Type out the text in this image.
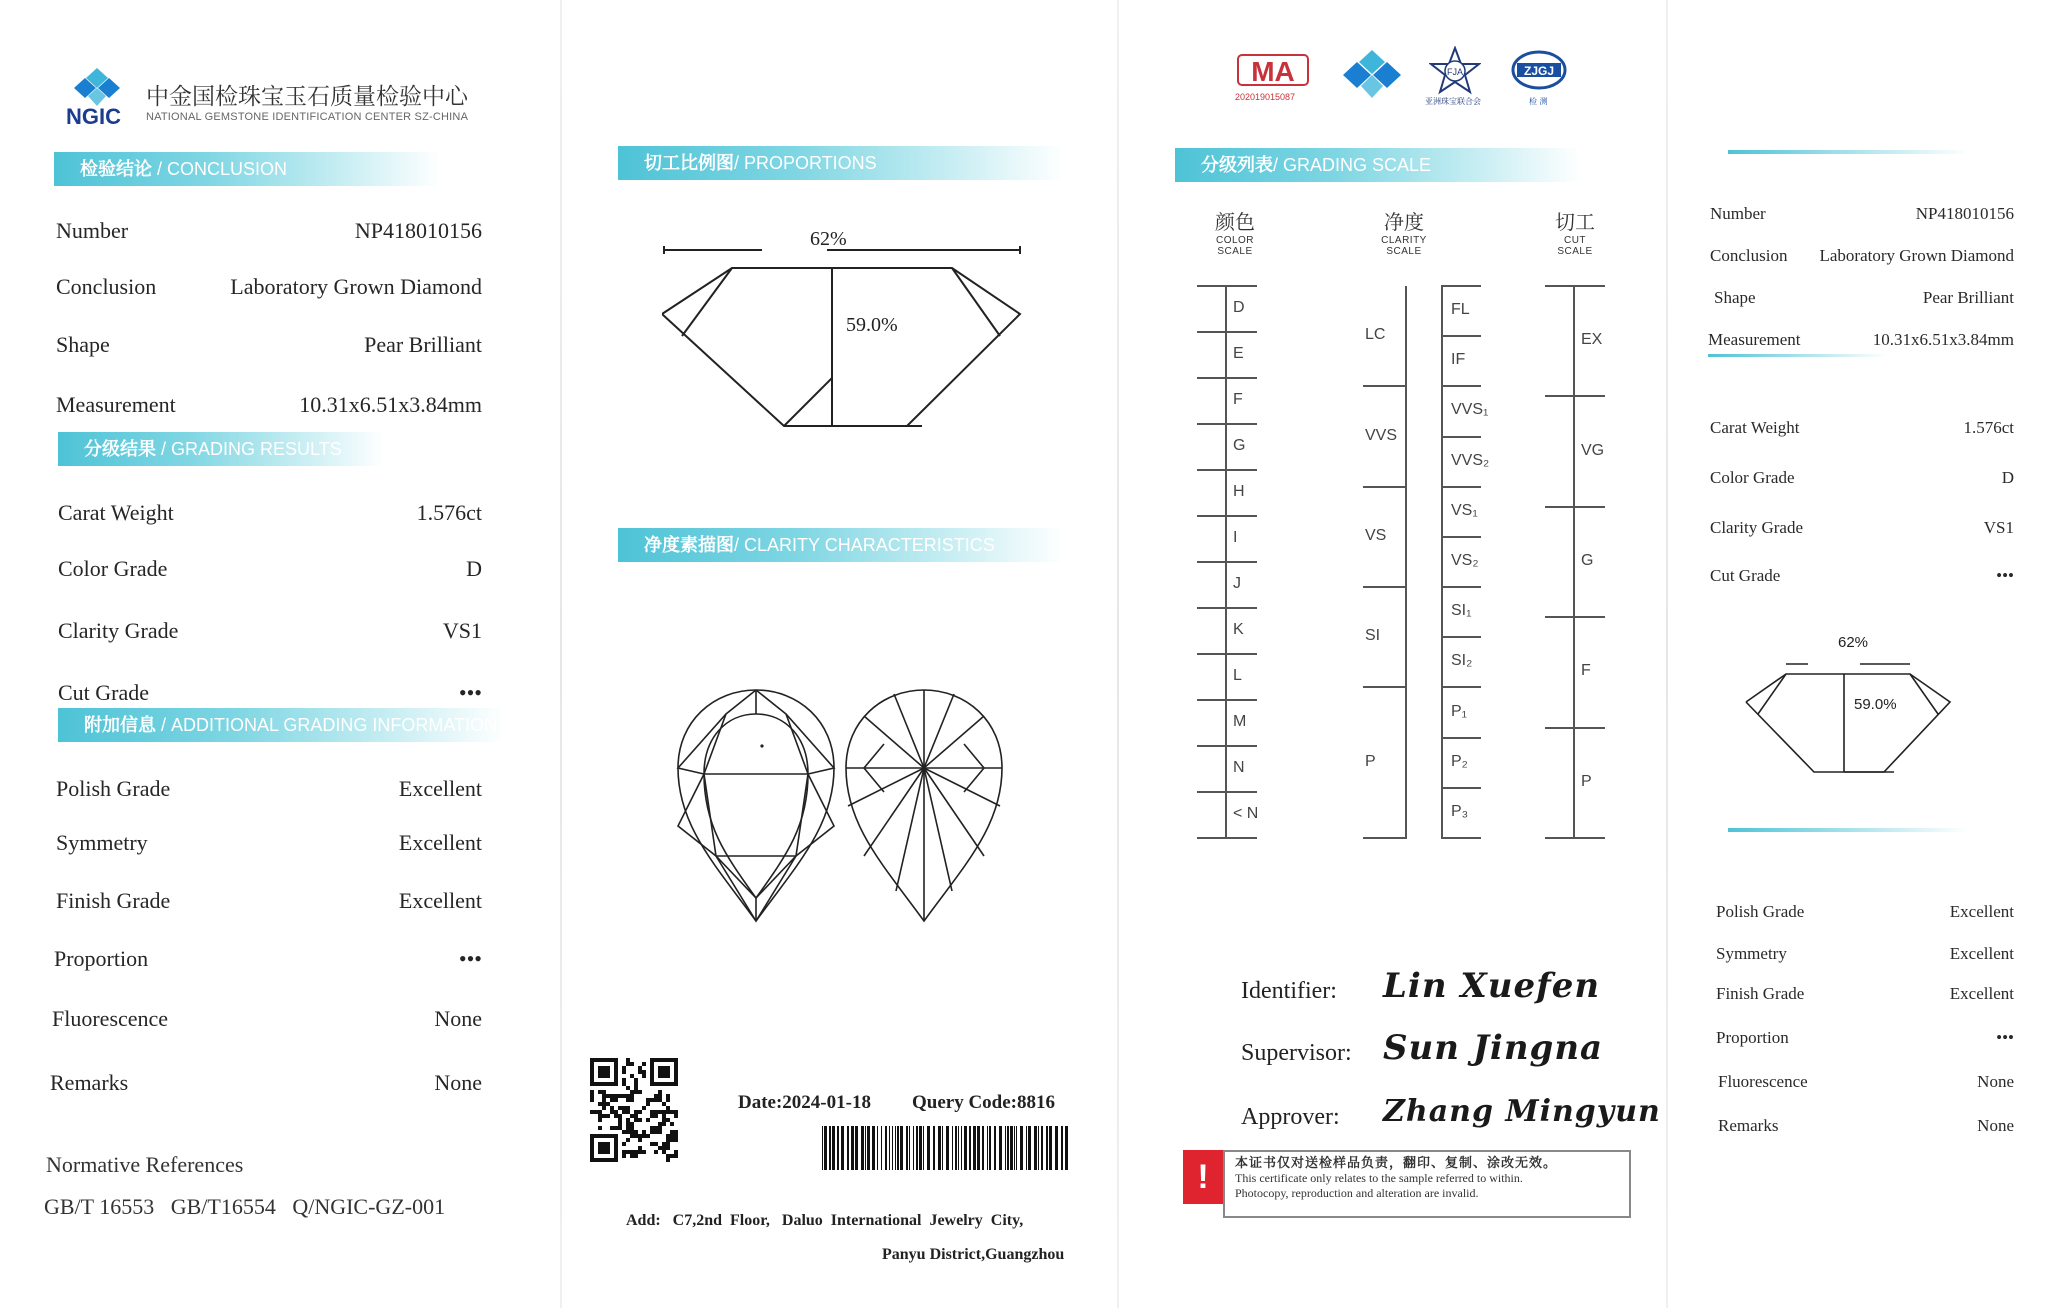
NGIC
中金国检珠宝玉石质量检验中心
NATIONAL GEMSTONE IDENTIFICATION CENTER SZ-CHINA
检验结论 / CONCLUSION
Number	NP418010156
Conclusion	Laboratory Grown Diamond
Shape	Pear Brilliant
Measurement	10.31x6.51x3.84mm
分级结果 / GRADING RESULTS
Carat Weight	1.576ct
Color Grade	D
Clarity Grade	VS1
Cut Grade	•••
附加信息 / ADDITIONAL GRADING INFORMATION
Polish Grade	Excellent
Symmetry	Excellent
Finish Grade	Excellent
Proportion	•••
Fluorescence	None
Remarks	None
Normative References
GB/T 16553   GB/T16554   Q/NGIC-GZ-001
切工比例图/ PROPORTIONS
62%
59.0%
净度素描图/ CLARITY CHARACTERISTICS
Date:2024-01-18 Query Code:8816
Add:   C7,2nd  Floor,   Daluo  International  Jewelry  City,
Panyu District,Guangzhou
MA
202019015087
FJA
亚洲珠宝联合会
ZJGJ
检 测
分级列表/ GRADING SCALE
颜色
COLOR
SCALE
净度
CLARITY
SCALE
切工
CUT
SCALE
D
E
F
G
H
I
J
K
L
M
N
< N
FL
IF
VVS₁
VVS₂
VS₁
VS₂
SI₁
SI₂
P₁
P₂
P₃
LC
VVS
VS
SI
P
EX
VG
G
F
P
Identifier: Lin Xuefen
Supervisor: Sun Jingna
Approver: Zhang Mingyun
!	本证书仅对送检样品负责，翻印、复制、涂改无效。
This certificate only relates to the sample referred to within.
Photocopy, reproduction and alteration are invalid.
Number	NP418010156
Conclusion Laboratory Grown Diamond
Shape	Pear Brilliant
Measurement	10.31x6.51x3.84mm
Carat Weight	1.576ct
Color Grade	D
Clarity Grade	VS1
Cut Grade	•••
62%
59.0%
Polish Grade	Excellent
Symmetry	Excellent
Finish Grade	Excellent
Proportion	•••
Fluorescence	None
Remarks	None
